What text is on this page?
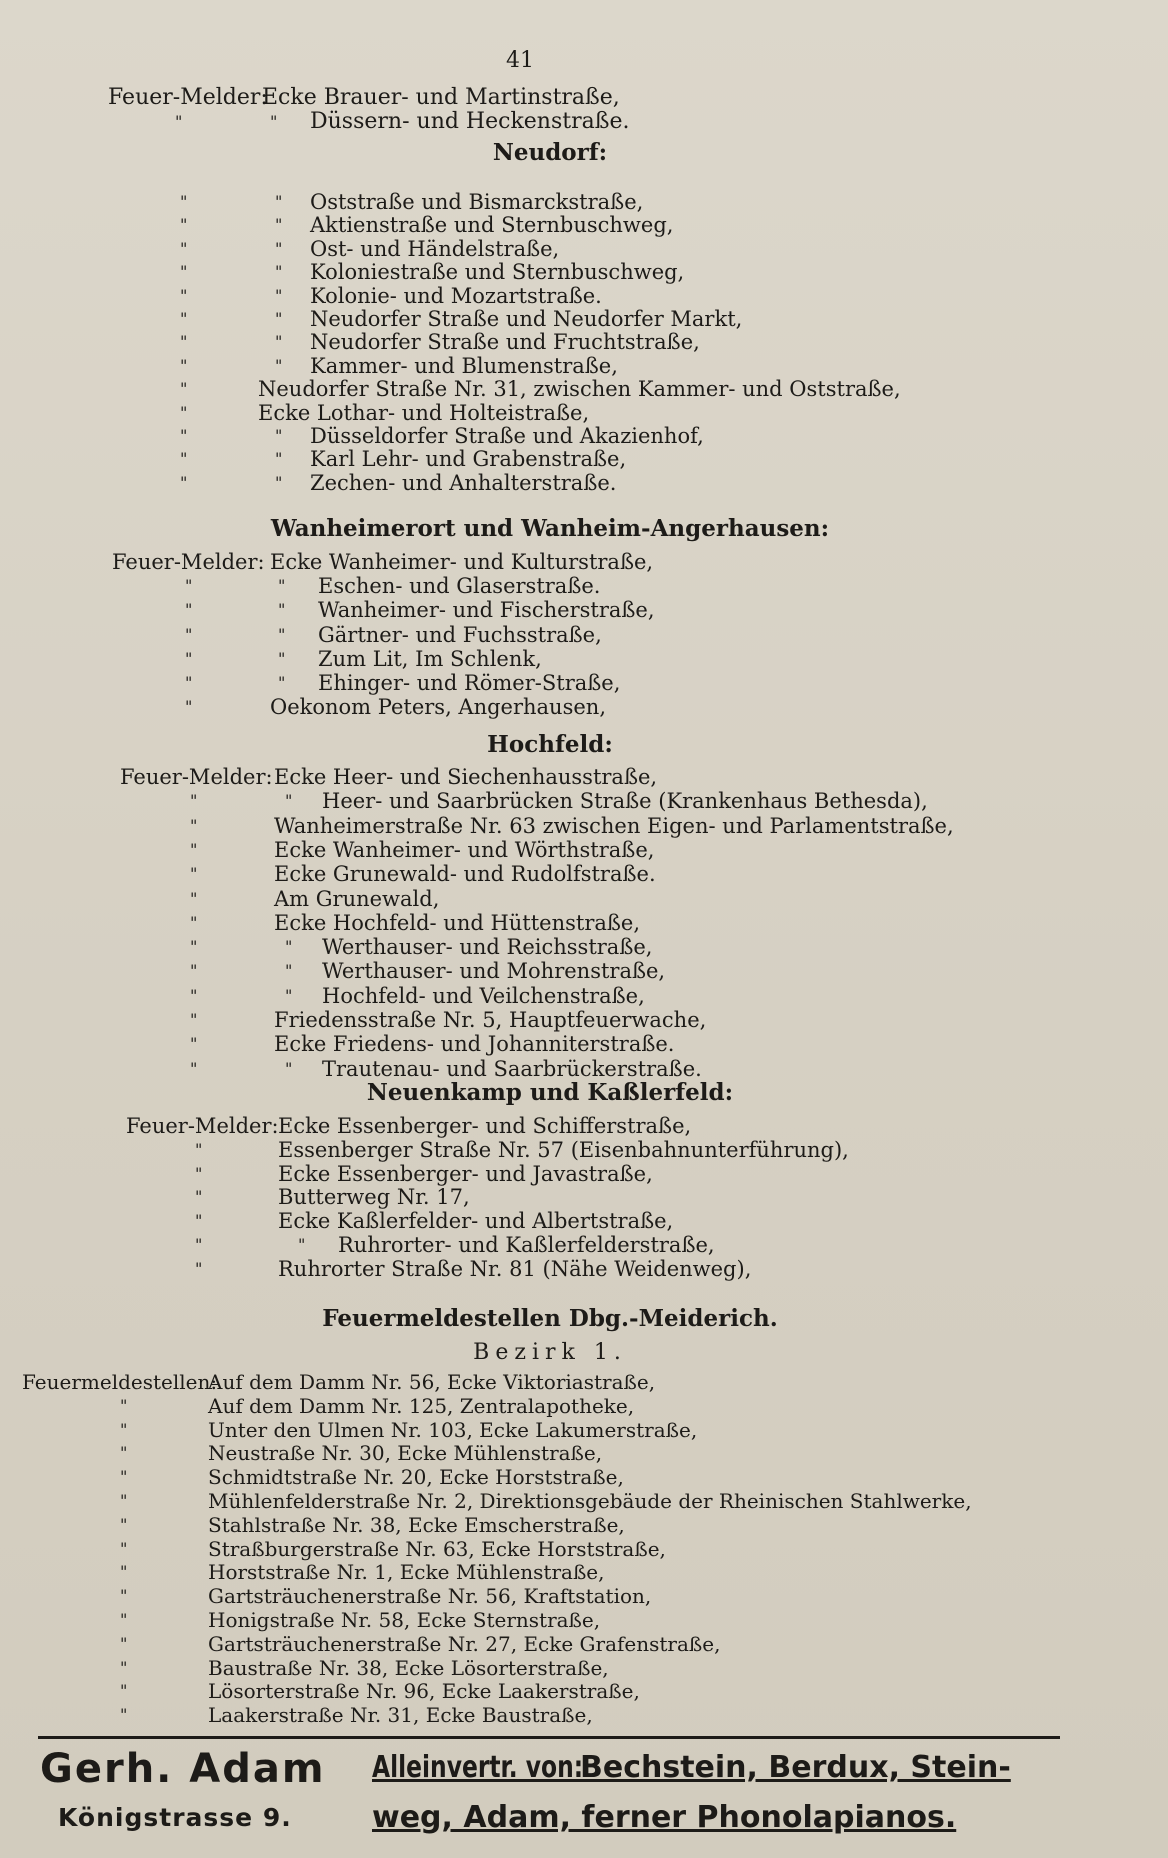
41
Feuer-Melder:
Ecke Brauer- und Martinstraße,
"	" Düssern- und Heckenstraße.
Neudorf:
"	" Oststraße und Bismarckstraße,
"	" Aktienstraße und Sternbuschweg,
"	" Ost- und Händelstraße,
"	" Koloniestraße und Sternbuschweg,
"	" Kolonie- und Mozartstraße.
"	" Neudorfer Straße und Neudorfer Markt,
"	" Neudorfer Straße und Fruchtstraße,
"	" Kammer- und Blumenstraße,
"	Neudorfer Straße Nr. 31, zwischen Kammer- und Oststraße,
"	Ecke Lothar- und Holteistraße,
"	" Düsseldorfer Straße und Akazienhof,
"	" Karl Lehr- und Grabenstraße,
"	" Zechen- und Anhalterstraße.
Wanheimerort und Wanheim-Angerhausen:
Feuer-Melder: Ecke Wanheimer- und Kulturstraße,
"	" Eschen- und Glaserstraße.
"	" Wanheimer- und Fischerstraße,
"	" Gärtner- und Fuchsstraße,
"	" Zum Lit, Im Schlenk,
"	" Ehinger- und Römer-Straße,
"	Oekonom Peters, Angerhausen,
Hochfeld:
Feuer-Melder: Ecke Heer- und Siechenhausstraße,
"	" Heer- und Saarbrücken Straße (Krankenhaus Bethesda),
"	Wanheimerstraße Nr. 63 zwischen Eigen- und Parlamentstraße,
"	Ecke Wanheimer- und Wörthstraße,
"	Ecke Grunewald- und Rudolfstraße.
"	Am Grunewald,
"	Ecke Hochfeld- und Hüttenstraße,
"	" Werthauser- und Reichsstraße,
"	" Werthauser- und Mohrenstraße,
"	" Hochfeld- und Veilchenstraße,
"	Friedensstraße Nr. 5, Hauptfeuerwache,
"	Ecke Friedens- und Johanniterstraße.
"	" Trautenau- und Saarbrückerstraße.
Neuenkamp und Kaßlerfeld:
Feuer-Melder: Ecke Essenberger- und Schifferstraße,
"	Essenberger Straße Nr. 57 (Eisenbahnunterführung),
"	Ecke Essenberger- und Javastraße,
"	Butterweg Nr. 17,
"	Ecke Kaßlerfelder- und Albertstraße,
"	" Ruhrorter- und Kaßlerfelderstraße,
"	Ruhrorter Straße Nr. 81 (Nähe Weidenweg),
Feuermeldestellen Dbg.-Meiderich.
Bezirk 1.
Feuermeldestellen:
Auf dem Damm Nr. 56, Ecke Viktoriastraße,
"	Auf dem Damm Nr. 125, Zentralapotheke,
"	Unter den Ulmen Nr. 103, Ecke Lakumerstraße,
"	Neustraße Nr. 30, Ecke Mühlenstraße,
"	Schmidtstraße Nr. 20, Ecke Horststraße,
"	Mühlenfelderstraße Nr. 2, Direktionsgebäude der Rheinischen Stahlwerke,
"	Stahlstraße Nr. 38, Ecke Emscherstraße,
"	Straßburgerstraße Nr. 63, Ecke Horststraße,
"	Horststraße Nr. 1, Ecke Mühlenstraße,
"	Gartsträuchenerstraße Nr. 56, Kraftstation,
"	Honigstraße Nr. 58, Ecke Sternstraße,
"	Gartsträuchenerstraße Nr. 27, Ecke Grafenstraße,
"	Baustraße Nr. 38, Ecke Lösorterstraße,
"	Lösorterstraße Nr. 96, Ecke Laakerstraße,
"	Laakerstraße Nr. 31, Ecke Baustraße,
Gerh. Adam
Königstrasse 9.
Alleinvertr. von:
Bechstein, Berdux, Stein-
weg, Adam, ferner Phonolapianos.
